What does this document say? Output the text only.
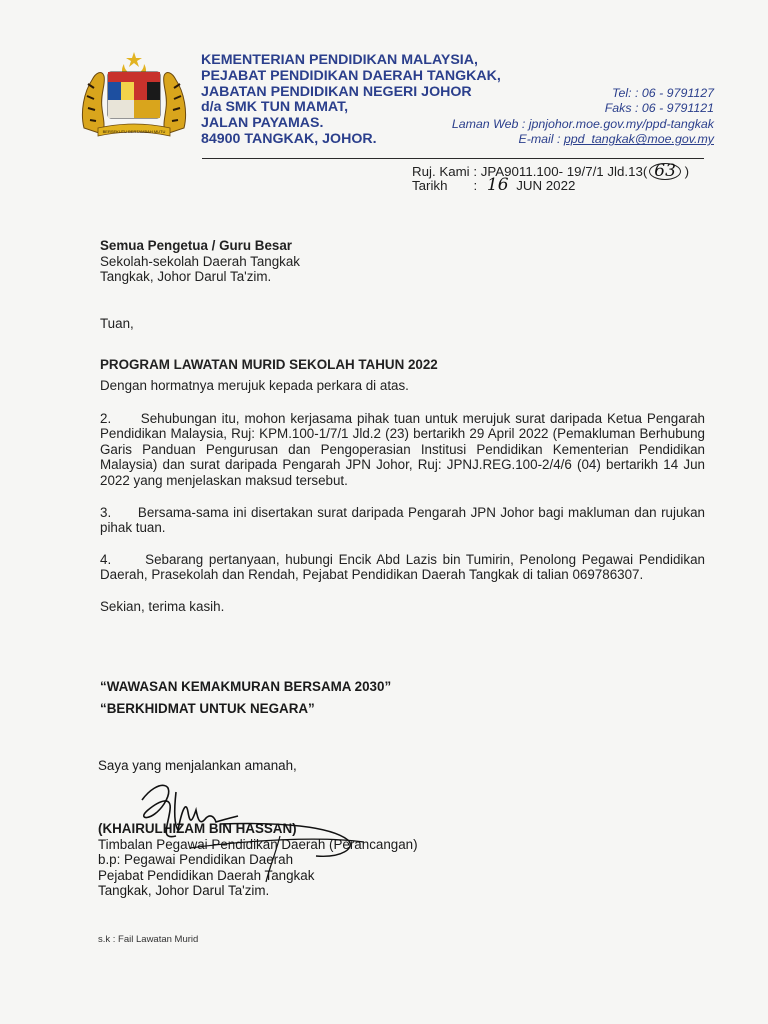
BERSEKUTU BERTAMBAH MUTU
KEMENTERIAN PENDIDIKAN MALAYSIA,
PEJABAT PENDIDIKAN DAERAH TANGKAK,
JABATAN PENDIDIKAN NEGERI JOHOR
d/a SMK TUN MAMAT,
JALAN PAYAMAS.
84900 TANGKAK, JOHOR.
Tel: : 06 - 9791127
Faks : 06 - 9791121
Laman Web : jpnjohor.moe.gov.my/ppd-tangkak
E-mail : ppd_tangkak@moe.gov.my
Ruj. Kami : JPA9011.100- 19/7/1 Jld.13( 63 )
Tarikh : 16 JUN 2022

Semua Pengetua / Guru Besar

Sekolah-sekolah Daerah Tangkak

Tangkak, Johor Darul Ta'zim.

Tuan,

PROGRAM LAWATAN MURID SEKOLAH TAHUN 2022

Dengan hormatnya merujuk kepada perkara di atas.

2.      Sehubungan itu, mohon kerjasama pihak tuan untuk merujuk surat daripada Ketua Pengarah Pendidikan Malaysia, Ruj: KPM.100-1/7/1 Jld.2 (23) bertarikh 29 April 2022 (Pemakluman Berhubung Garis Panduan Pengurusan dan Pengoperasian Institusi Pendidikan Kementerian Pendidikan Malaysia) dan surat daripada Pengarah JPN Johor, Ruj: JPNJ.REG.100-2/4/6 (04) bertarikh 14 Jun 2022 yang menjelaskan maksud tersebut.

3.      Bersama-sama ini disertakan surat daripada Pengarah JPN Johor bagi makluman dan rujukan pihak tuan.

4.      Sebarang pertanyaan, hubungi Encik Abd Lazis bin Tumirin, Penolong Pegawai Pendidikan Daerah, Prasekolah dan Rendah, Pejabat Pendidikan Daerah Tangkak di talian 069786307.

Sekian, terima kasih.

“WAWASAN KEMAKMURAN BERSAMA 2030”
“BERKHIDMAT UNTUK NEGARA”
Saya yang menjalankan amanah,
(KHAIRULHIZAM BIN HASSAN)
Timbalan Pegawai Pendidikan Daerah (Perancangan)
b.p: Pegawai Pendidikan Daerah
Pejabat Pendidikan Daerah Tangkak
Tangkak, Johor Darul Ta'zim.
s.k : Fail Lawatan Murid
